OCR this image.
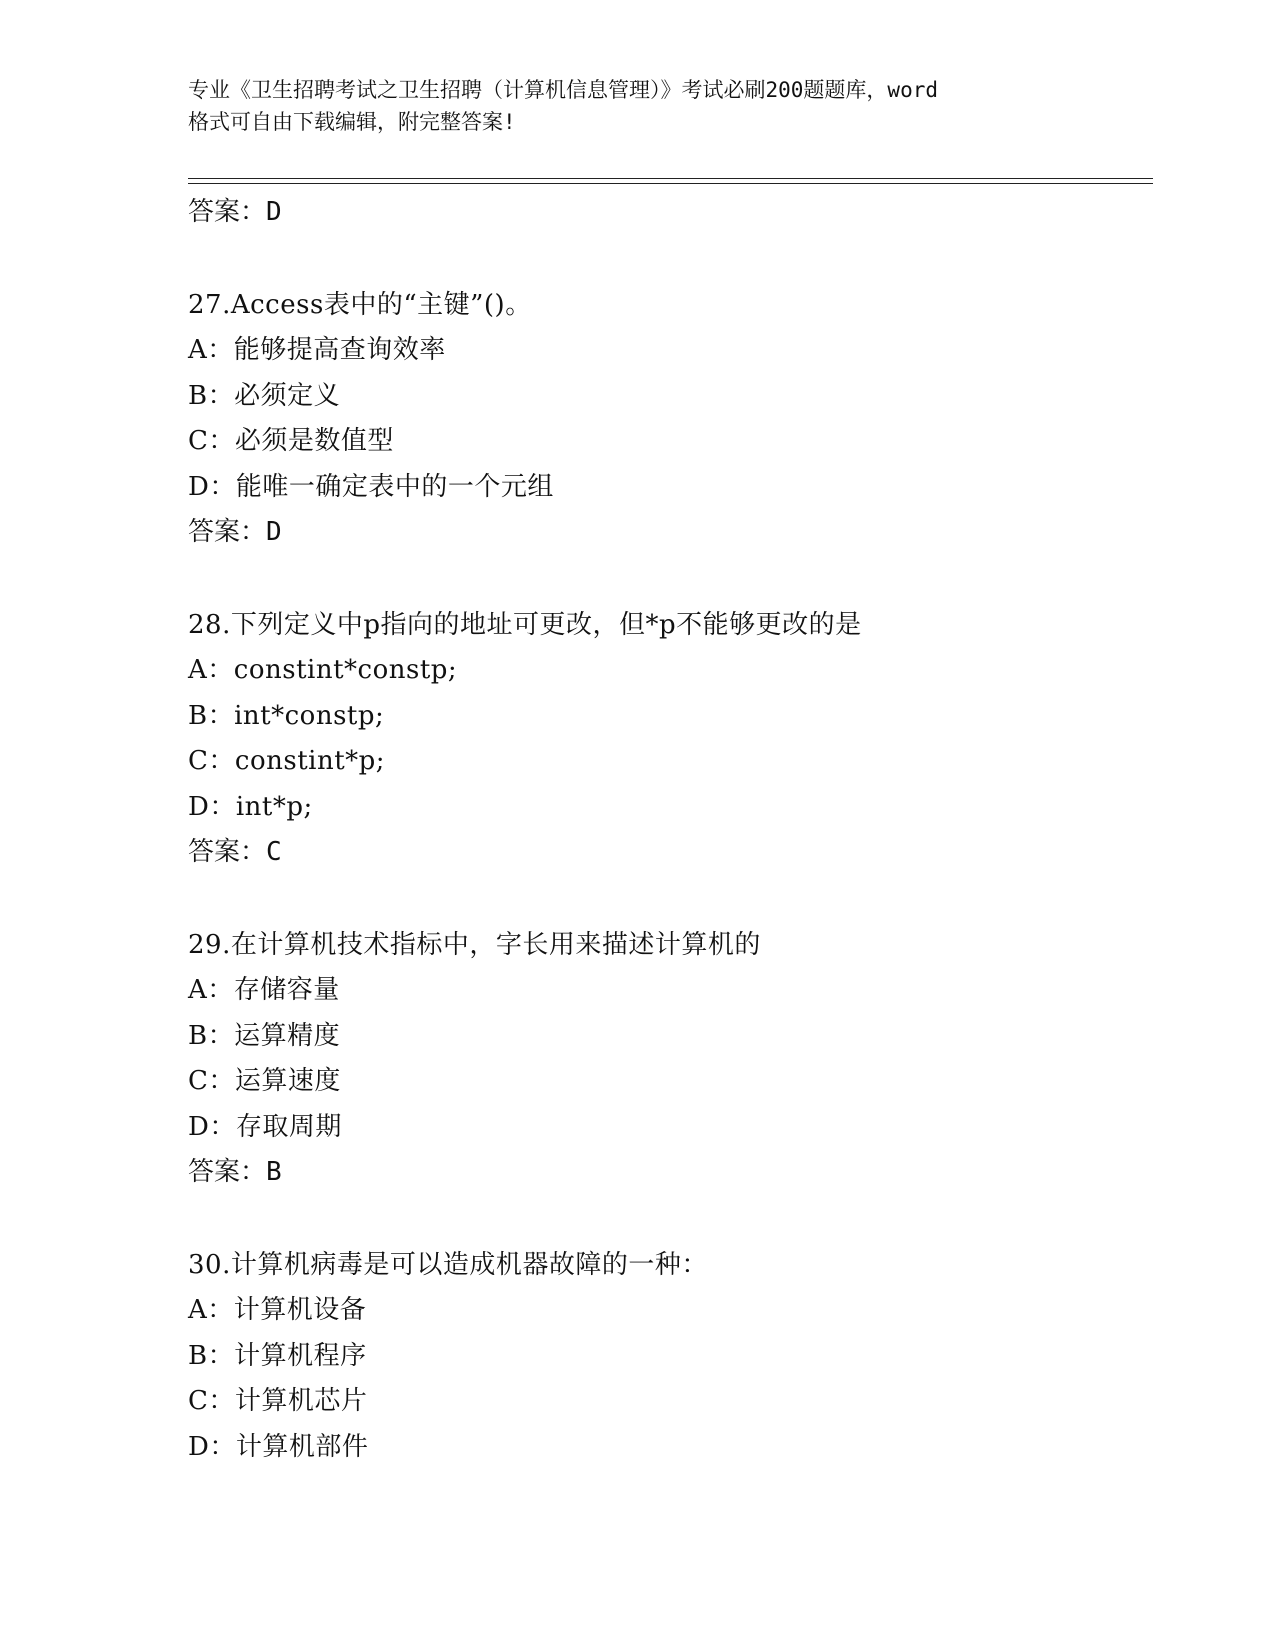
专业《卫生招聘考试之卫生招聘（计算机信息管理）》考试必刷200题题库，word
格式可自由下载编辑，附完整答案!
答案：D
27.Access表中的“主键”()。
A：能够提高查询效率
B：必须定义
C：必须是数值型
D：能唯一确定表中的一个元组
答案：D
28.下列定义中p指向的地址可更改，但*p不能够更改的是
A：constint*constp;
B：int*constp;
C：constint*p;
D：int*p;
答案：C
29.在计算机技术指标中，字长用来描述计算机的
A：存储容量
B：运算精度
C：运算速度
D：存取周期
答案：B
30.计算机病毒是可以造成机器故障的一种：
A：计算机设备
B：计算机程序
C：计算机芯片
D：计算机部件
